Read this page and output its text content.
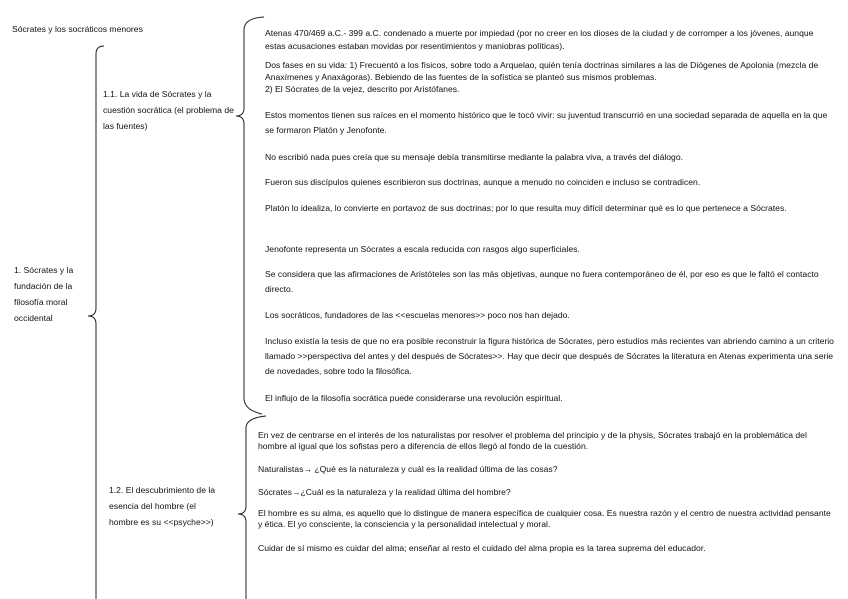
Sócrates y los socráticos menores
1. Sócrates y la fundación de la filosofía moral occidental
1.1. La vida de Sócrates y la cuestión socrática (el problema de las fuentes)
1.2. El descubrimiento de la esencia del hombre (el hombre es su <<psyche>>)
Atenas 470/469 a.C.- 399 a.C. condenado a muerte por impiedad (por no creer en los dioses de la ciudad y de corromper a los jóvenes, aunque estas acusaciones estaban movidas por resentimientos y maniobras políticas).
Dos fases en su vida: 1) Frecuentó a los físicos, sobre todo a Arquelao, quién tenía doctrinas similares a las de Diógenes de Apolonia (mezcla de Anaxímenes y Anaxágoras). Bebiendo de las fuentes de la sofística se planteó sus mismos problemas.
2) El Sócrates de la vejez, descrito por Aristófanes.
Estos momentos tienen sus raíces en el momento histórico que le tocó vivir: su juventud transcurrió en una sociedad separada de aquella en la que se formaron Platón y Jenofonte.
No escribió nada pues creía que su mensaje debía transmitirse mediante la palabra viva, a través del diálogo.
Fueron sus discípulos quienes escribieron sus doctrinas, aunque a menudo no coinciden e incluso se contradicen.
Platón lo idealiza, lo convierte en portavoz de sus doctrinas; por lo que resulta muy difícil determinar qué es lo que pertenece a Sócrates.
Jenofonte representa un Sócrates a escala reducida con rasgos algo superficiales.
Se considera que las afirmaciones de Aristóteles son las más objetivas, aunque no fuera contemporáneo de él, por eso es que le faltó el contacto directo.
Los socráticos, fundadores de las <<escuelas menores>> poco nos han dejado.
Incluso existía la tesis de que no era posible reconstruir la figura histórica de Sócrates, pero estudios más recientes van abriendo camino a un criterio llamado >>perspectiva del antes y del después de Sócrates>>. Hay que decir que después de Sócrates la literatura en Atenas experimenta una serie de novedades, sobre todo la filosófica.
El influjo de la filosofía socrática puede considerarse una revolución espiritual.
En vez de centrarse en el interés de los naturalistas por resolver el problema del principio y de la physis, Sócrates trabajó en la problemática del hombre al igual que los sofistas pero a diferencia de ellos llegó al fondo de la cuestión.
Naturalistas→ ¿Qué es la naturaleza y cuál es la realidad última de las cosas?
Sócrates→¿Cuál es la naturaleza y la realidad última del hombre?
El hombre es su alma, es aquello que lo distingue de manera específica de cualquier cosa. Es nuestra razón y el centro de nuestra actividad pensante y ética. El yo consciente, la consciencia y la personalidad intelectual y moral.
Cuidar de sí mismo es cuidar del alma; enseñar al resto el cuidado del alma propia es la tarea suprema del educador.
